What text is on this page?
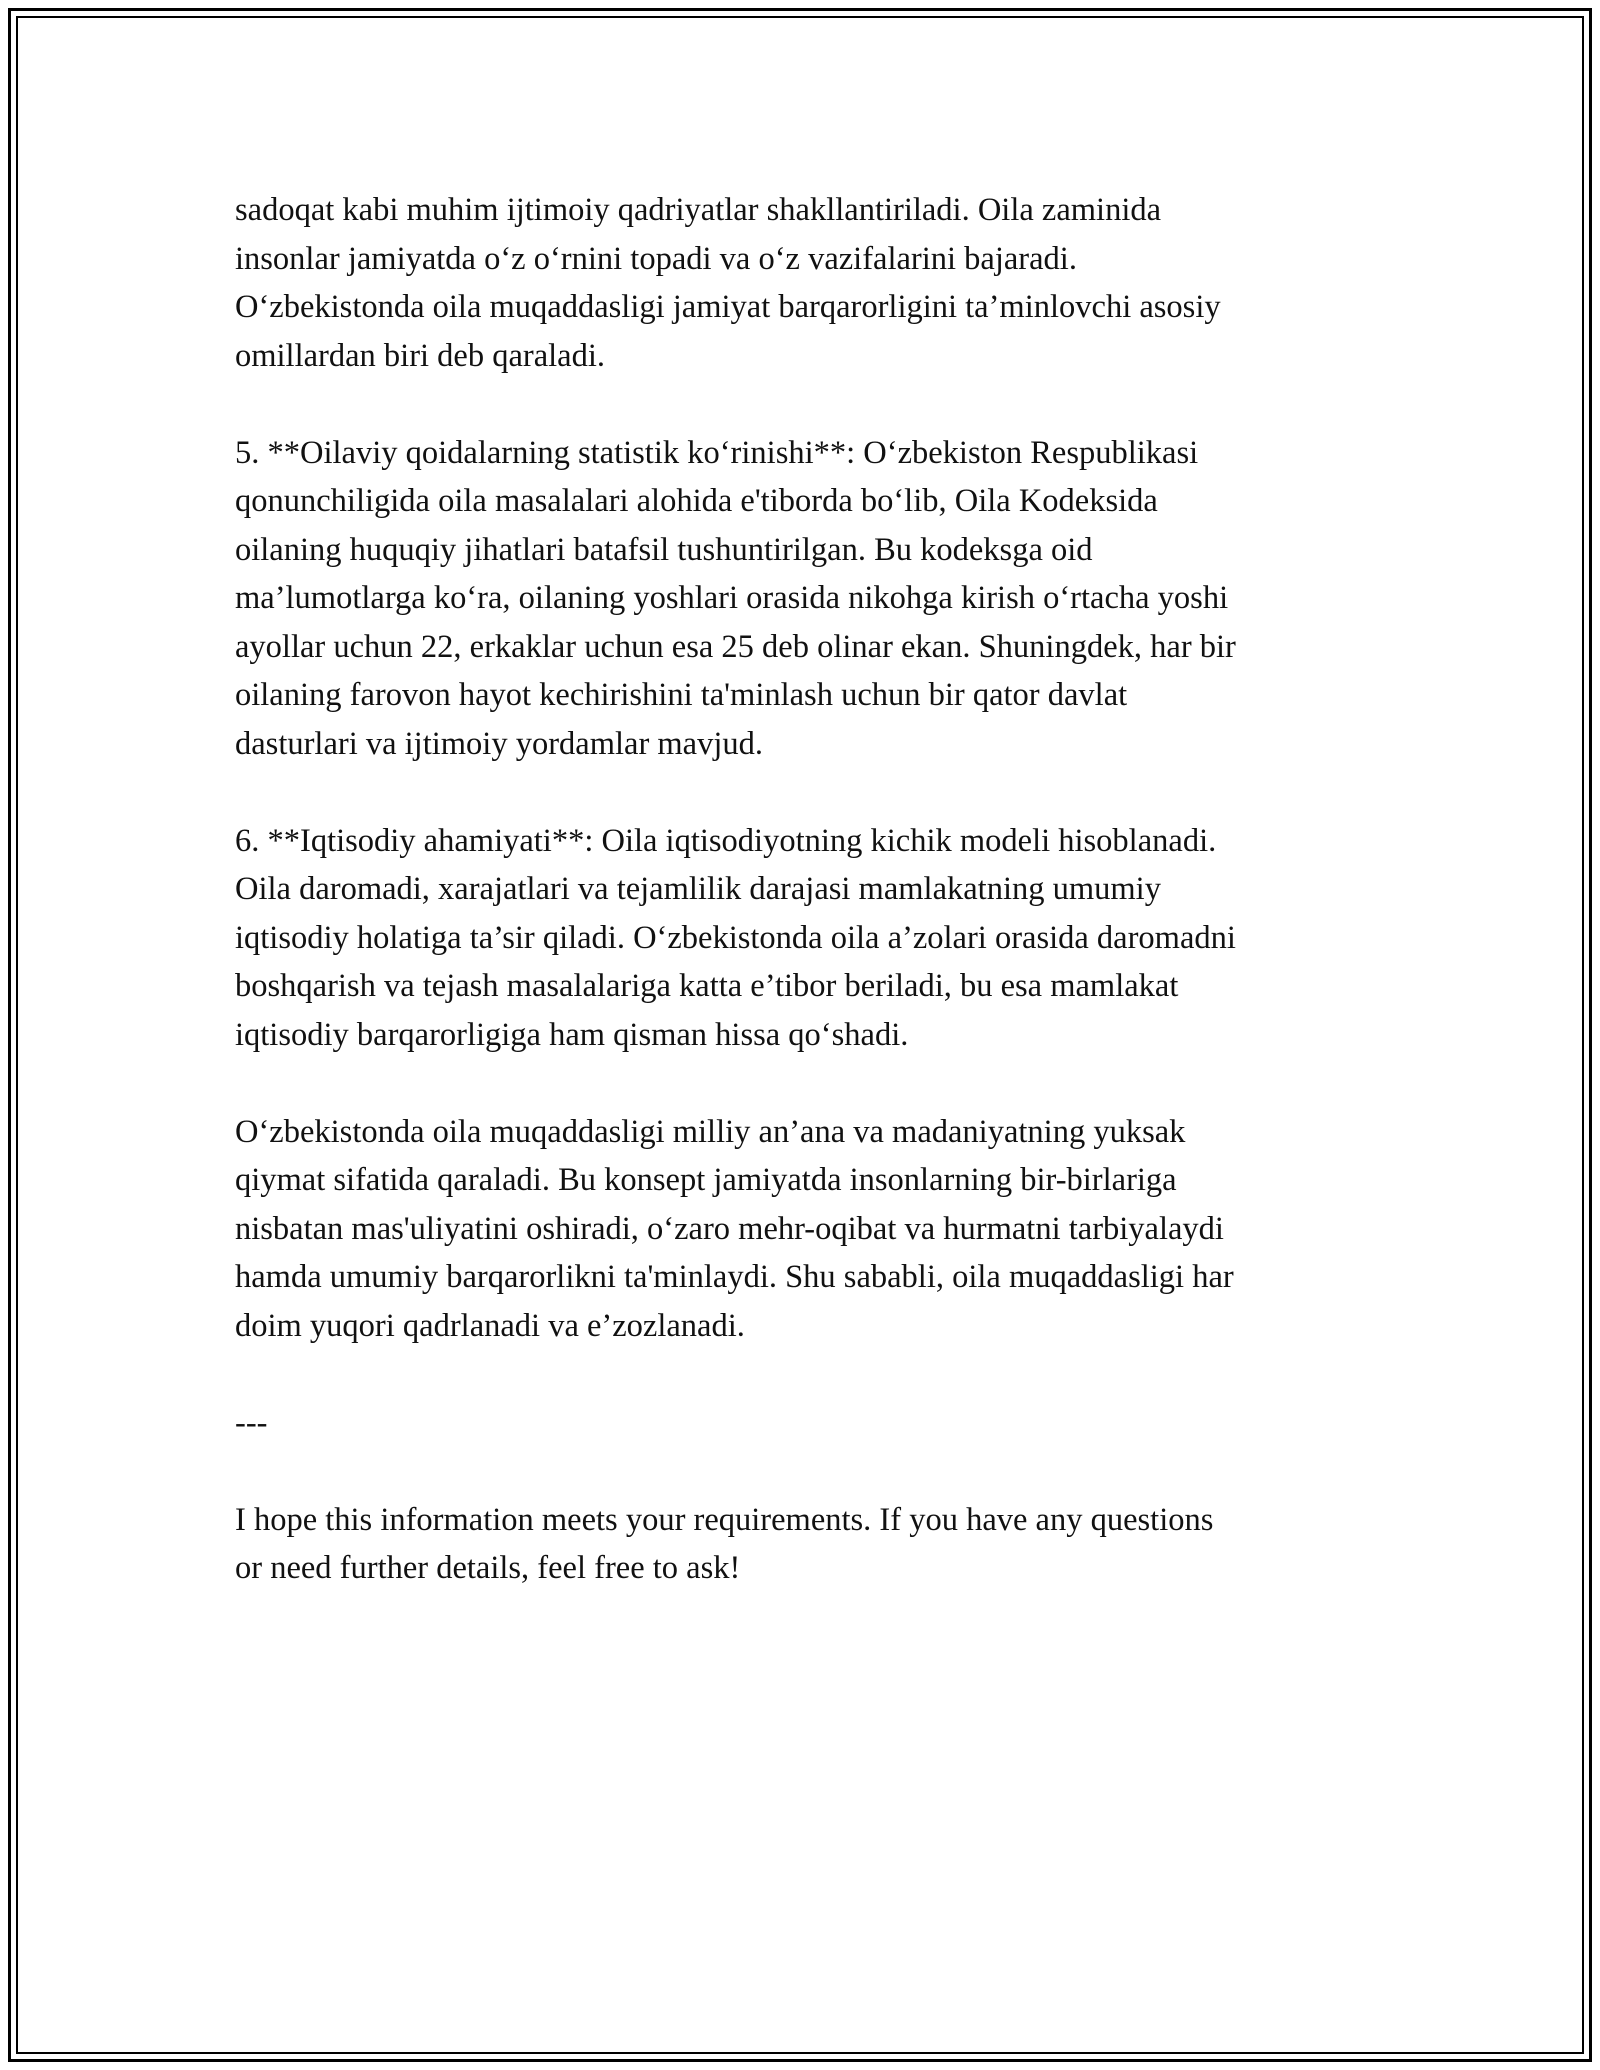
sadoqat kabi muhim ijtimoiy qadriyatlar shakllantiriladi. Oila zaminida
insonlar jamiyatda o‘z o‘rnini topadi va o‘z vazifalarini bajaradi.
O‘zbekistonda oila muqaddasligi jamiyat barqarorligini ta’minlovchi asosiy
omillardan biri deb qaraladi.

5. **Oilaviy qoidalarning statistik ko‘rinishi**: O‘zbekiston Respublikasi
qonunchiligida oila masalalari alohida e'tiborda bo‘lib, Oila Kodeksida
oilaning huquqiy jihatlari batafsil tushuntirilgan. Bu kodeksga oid
ma’lumotlarga ko‘ra, oilaning yoshlari orasida nikohga kirish o‘rtacha yoshi
ayollar uchun 22, erkaklar uchun esa 25 deb olinar ekan. Shuningdek, har bir
oilaning farovon hayot kechirishini ta'minlash uchun bir qator davlat
dasturlari va ijtimoiy yordamlar mavjud.

6. **Iqtisodiy ahamiyati**: Oila iqtisodiyotning kichik modeli hisoblanadi.
Oila daromadi, xarajatlari va tejamlilik darajasi mamlakatning umumiy
iqtisodiy holatiga ta’sir qiladi. O‘zbekistonda oila a’zolari orasida daromadni
boshqarish va tejash masalalariga katta e’tibor beriladi, bu esa mamlakat
iqtisodiy barqarorligiga ham qisman hissa qo‘shadi.

O‘zbekistonda oila muqaddasligi milliy an’ana va madaniyatning yuksak
qiymat sifatida qaraladi. Bu konsept jamiyatda insonlarning bir-birlariga
nisbatan mas'uliyatini oshiradi, o‘zaro mehr-oqibat va hurmatni tarbiyalaydi
hamda umumiy barqarorlikni ta'minlaydi. Shu sababli, oila muqaddasligi har
doim yuqori qadrlanadi va e’zozlanadi.

---

I hope this information meets your requirements. If you have any questions
or need further details, feel free to ask!
